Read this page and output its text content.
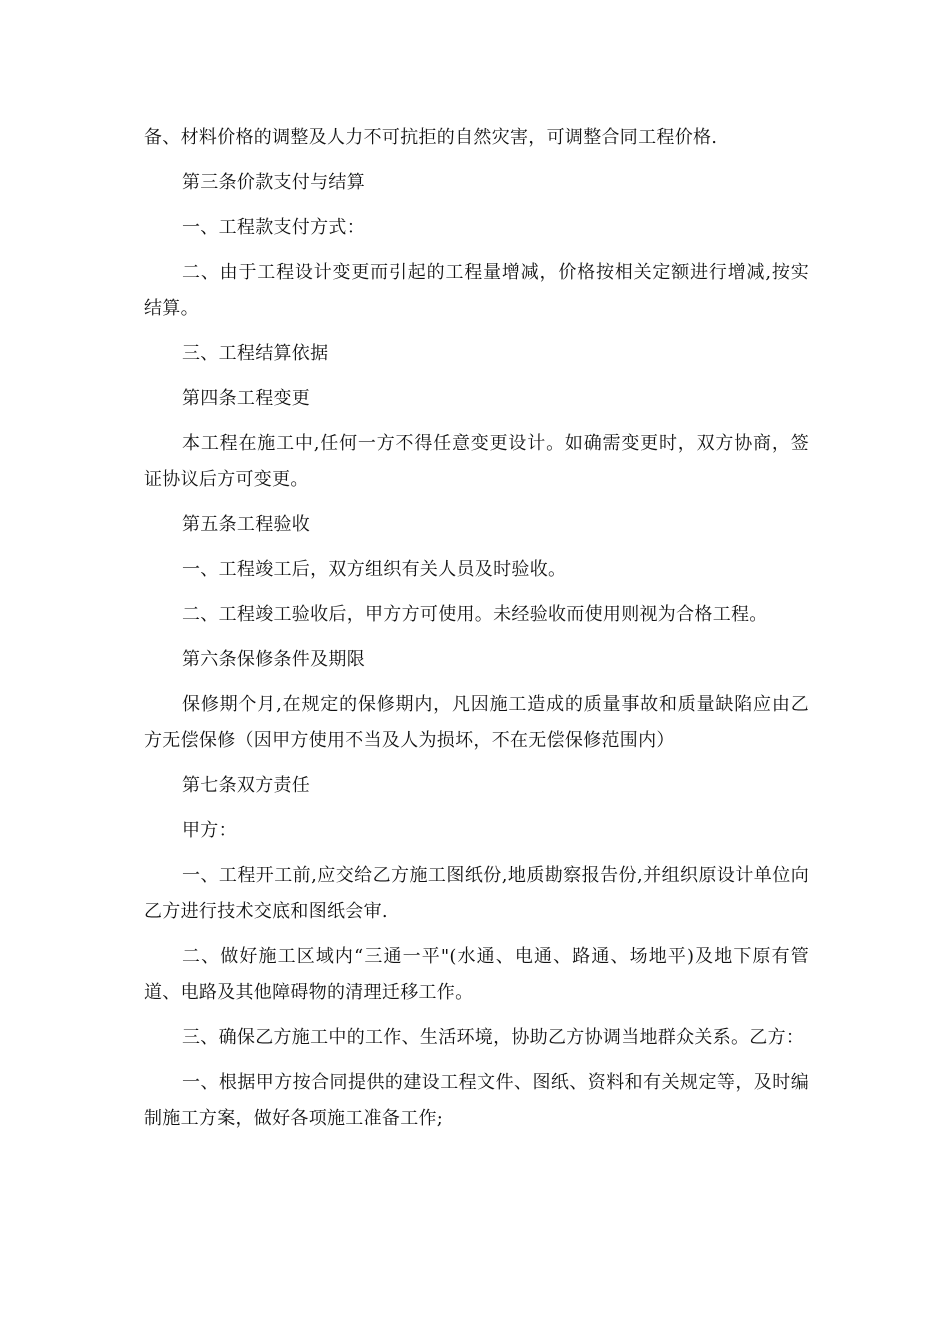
备、材料价格的调整及人力不可抗拒的自然灾害，可调整合同工程价格.

第三条价款支付与结算

一、工程款支付方式：

二、由于工程设计变更而引起的工程量增减，价格按相关定额进行增减,按实结算。

三、工程结算依据

第四条工程变更

本工程在施工中,任何一方不得任意变更设计。如确需变更时，双方协商，签证协议后方可变更。

第五条工程验收

一、工程竣工后，双方组织有关人员及时验收。

二、工程竣工验收后，甲方方可使用。未经验收而使用则视为合格工程。

第六条保修条件及期限

保修期个月,在规定的保修期内，凡因施工造成的质量事故和质量缺陷应由乙方无偿保修（因甲方使用不当及人为损坏，不在无偿保修范围内）

第七条双方责任

甲方：

一、工程开工前,应交给乙方施工图纸份,地质勘察报告份,并组织原设计单位向乙方进行技术交底和图纸会审.

二、做好施工区域内“三通一平"(水通、电通、路通、场地平)及地下原有管道、电路及其他障碍物的清理迁移工作。

三、确保乙方施工中的工作、生活环境，协助乙方协调当地群众关系。乙方：

一、根据甲方按合同提供的建设工程文件、图纸、资料和有关规定等，及时编制施工方案，做好各项施工准备工作;
